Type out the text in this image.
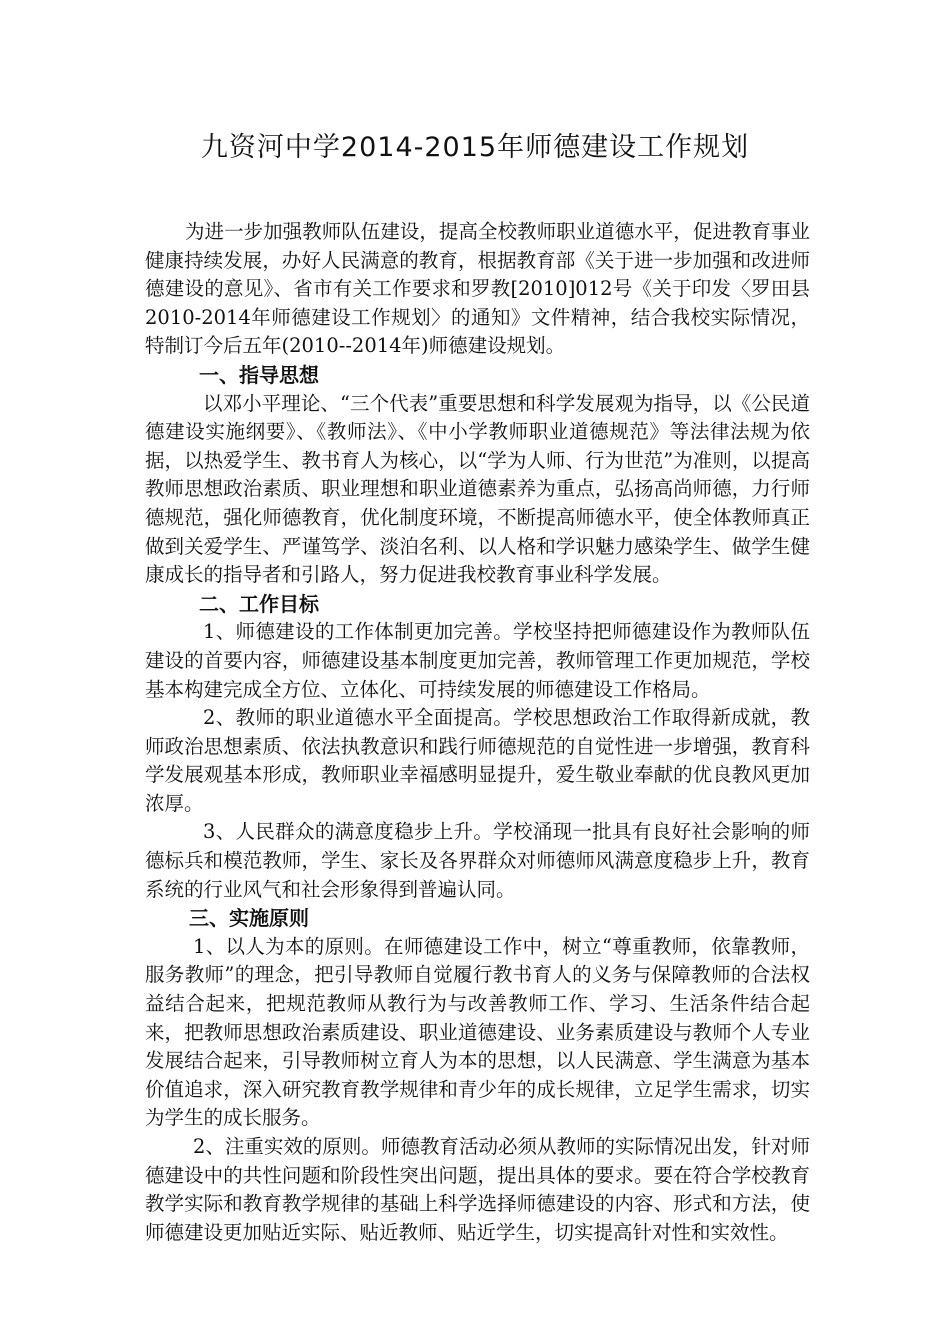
九资河中学2014-2015年师德建设工作规划

为进一步加强教师队伍建设，提高全校教师职业道德水平，促进教育事业健康持续发展，办好人民满意的教育，根据教育部《关于进一步加强和改进师德建设的意见》、省市有关工作要求和罗教[2010]012号《关于印发〈罗田县2010-2014年师德建设工作规划〉的通知》文件精神，结合我校实际情况，特制订今后五年(2010--2014年)师德建设规划。

一、指导思想

以邓小平理论、“三个代表”重要思想和科学发展观为指导，以《公民道德建设实施纲要》、《教师法》、《中小学教师职业道德规范》等法律法规为依据，以热爱学生、教书育人为核心，以“学为人师、行为世范”为准则，以提高教师思想政治素质、职业理想和职业道德素养为重点，弘扬高尚师德，力行师德规范，强化师德教育，优化制度环境，不断提高师德水平，使全体教师真正做到关爱学生、严谨笃学、淡泊名利、以人格和学识魅力感染学生、做学生健康成长的指导者和引路人，努力促进我校教育事业科学发展。

二、工作目标

1、师德建设的工作体制更加完善。学校坚持把师德建设作为教师队伍建设的首要内容，师德建设基本制度更加完善，教师管理工作更加规范，学校基本构建完成全方位、立体化、可持续发展的师德建设工作格局。

2、教师的职业道德水平全面提高。学校思想政治工作取得新成就，教师政治思想素质、依法执教意识和践行师德规范的自觉性进一步增强，教育科学发展观基本形成，教师职业幸福感明显提升，爱生敬业奉献的优良教风更加浓厚。

3、人民群众的满意度稳步上升。学校涌现一批具有良好社会影响的师德标兵和模范教师，学生、家长及各界群众对师德师风满意度稳步上升，教育系统的行业风气和社会形象得到普遍认同。

三、实施原则

1、以人为本的原则。在师德建设工作中，树立“尊重教师，依靠教师，服务教师”的理念，把引导教师自觉履行教书育人的义务与保障教师的合法权益结合起来，把规范教师从教行为与改善教师工作、学习、生活条件结合起来，把教师思想政治素质建设、职业道德建设、业务素质建设与教师个人专业发展结合起来，引导教师树立育人为本的思想，以人民满意、学生满意为基本价值追求，深入研究教育教学规律和青少年的成长规律，立足学生需求，切实为学生的成长服务。

2、注重实效的原则。师德教育活动必须从教师的实际情况出发，针对师德建设中的共性问题和阶段性突出问题，提出具体的要求。要在符合学校教育教学实际和教育教学规律的基础上科学选择师德建设的内容、形式和方法，使师德建设更加贴近实际、贴近教师、贴近学生，切实提高针对性和实效性。
